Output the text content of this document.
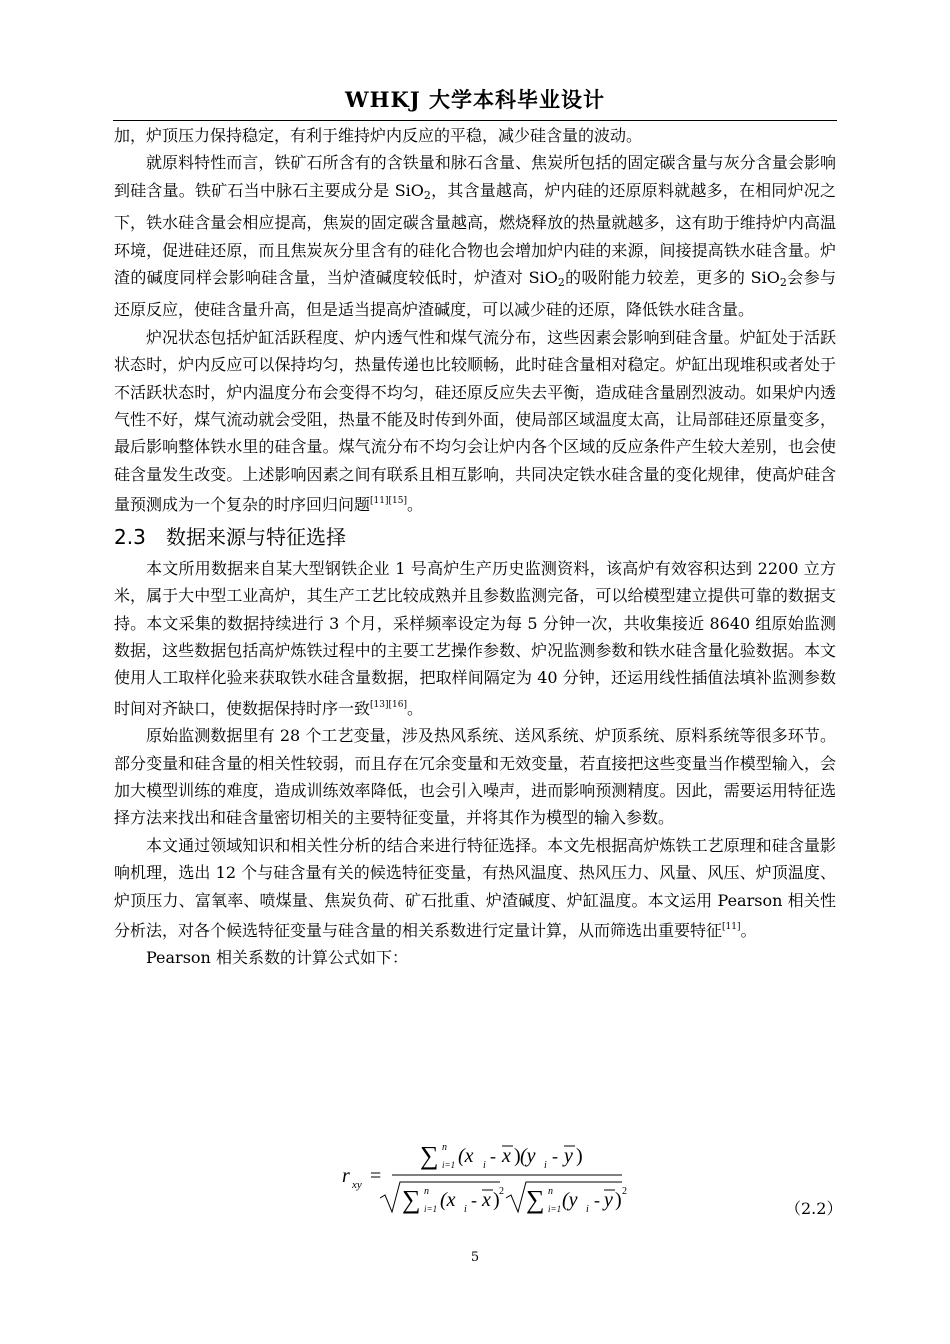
WHKJ 大学本科毕业设计

加，炉顶压力保持稳定，有利于维持炉内反应的平稳，减少硅含量的波动。

就原料特性而言，铁矿石所含有的含铁量和脉石含量、焦炭所包括的固定碳含量与灰分含量会影响到硅含量。铁矿石当中脉石主要成分是 SiO$_2$，其含量越高，炉内硅的还原原料就越多，在相同炉况之下，铁水硅含量会相应提高，焦炭的固定碳含量越高，燃烧释放的热量就越多，这有助于维持炉内高温环境，促进硅还原，而且焦炭灰分里含有的硅化合物也会增加炉内硅的来源，间接提高铁水硅含量。炉渣的碱度同样会影响硅含量，当炉渣碱度较低时，炉渣对 SiO$_2$的吸附能力较差，更多的 SiO$_2$会参与还原反应，使硅含量升高，但是适当提高炉渣碱度，可以减少硅的还原，降低铁水硅含量。

炉况状态包括炉缸活跃程度、炉内透气性和煤气流分布，这些因素会影响到硅含量。炉缸处于活跃状态时，炉内反应可以保持均匀，热量传递也比较顺畅，此时硅含量相对稳定。炉缸出现堆积或者处于不活跃状态时，炉内温度分布会变得不均匀，硅还原反应失去平衡，造成硅含量剧烈波动。如果炉内透气性不好，煤气流动就会受阻，热量不能及时传到外面，使局部区域温度太高，让局部硅还原量变多，最后影响整体铁水里的硅含量。煤气流分布不均匀会让炉内各个区域的反应条件产生较大差别，也会使硅含量发生改变。上述影响因素之间有联系且相互影响，共同决定铁水硅含量的变化规律，使高炉硅含量预测成为一个复杂的时序回归问题[11][15]。

2.3 数据来源与特征选择

本文所用数据来自某大型钢铁企业 1 号高炉生产历史监测资料，该高炉有效容积达到 2200 立方米，属于大中型工业高炉，其生产工艺比较成熟并且参数监测完备，可以给模型建立提供可靠的数据支持。本文采集的数据持续进行 3 个月，采样频率设定为每 5 分钟一次，共收集接近 8640 组原始监测数据，这些数据包括高炉炼铁过程中的主要工艺操作参数、炉况监测参数和铁水硅含量化验数据。本文使用人工取样化验来获取铁水硅含量数据，把取样间隔定为 40 分钟，还运用线性插值法填补监测参数时间对齐缺口，使数据保持时序一致[13][16]。

原始监测数据里有 28 个工艺变量，涉及热风系统、送风系统、炉顶系统、原料系统等很多环节。部分变量和硅含量的相关性较弱，而且存在冗余变量和无效变量，若直接把这些变量当作模型输入，会加大模型训练的难度，造成训练效率降低，也会引入噪声，进而影响预测精度。因此，需要运用特征选择方法来找出和硅含量密切相关的主要特征变量，并将其作为模型的输入参数。

本文通过领域知识和相关性分析的结合来进行特征选择。本文先根据高炉炼铁工艺原理和硅含量影响机理，选出 12 个与硅含量有关的候选特征变量，有热风温度、热风压力、风量、风压、炉顶温度、炉顶压力、富氧率、喷煤量、焦炭负荷、矿石批重、炉渣碱度、炉缸温度。本文运用 Pearson 相关性分析法，对各个候选特征变量与硅含量的相关系数进行定量计算，从而筛选出重要特征[11]。

Pearson 相关系数的计算公式如下：

r xy =
∑ n
i=1 (x i - x ) (y i - y )
∑ n
i=1 (x i - x ) 2 ∑ n
i=1 (y i - y ) 2
（2.2）
5
